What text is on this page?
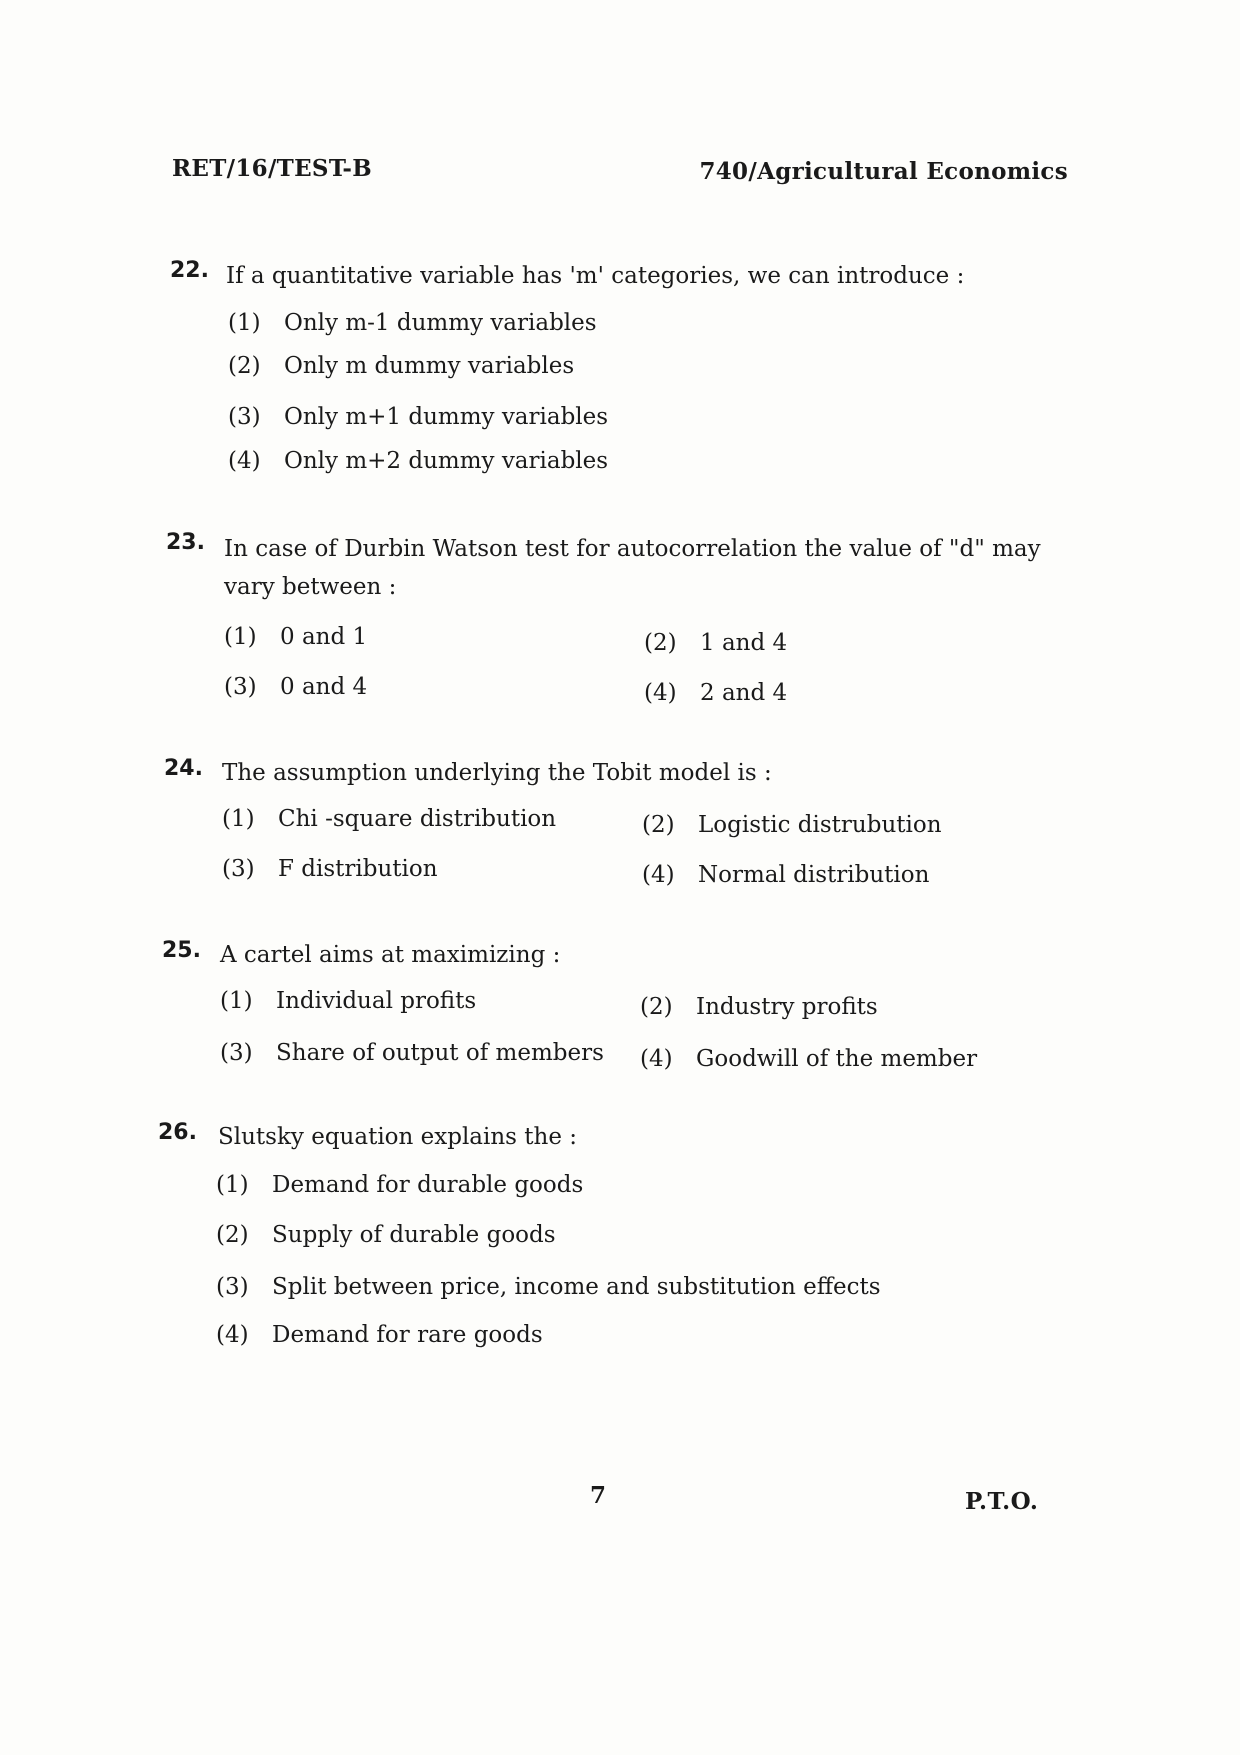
RET/16/TEST-B	740/Agricultural Economics
22. If a quantitative variable has 'm' categories, we can introduce :
(1) Only m-1 dummy variables
(2) Only m dummy variables
(3) Only m+1 dummy variables
(4) Only m+2 dummy variables
23. In case of Durbin Watson test for autocorrelation the value of "d" may vary between :
(1) 0 and 1	(2) 1 and 4
(3) 0 and 4	(4) 2 and 4
24. The assumption underlying the Tobit model is :
(1) Chi -square distribution	(2) Logistic distrubution
(3) F distribution	(4) Normal distribution
25. A cartel aims at maximizing :
(1) Individual profits	(2) Industry profits
(3) Share of output of members (4) Goodwill of the member
26. Slutsky equation explains the :
(1) Demand for durable goods
(2) Supply of durable goods
(3) Split between price, income and substitution effects
(4) Demand for rare goods
7	P.T.O.
